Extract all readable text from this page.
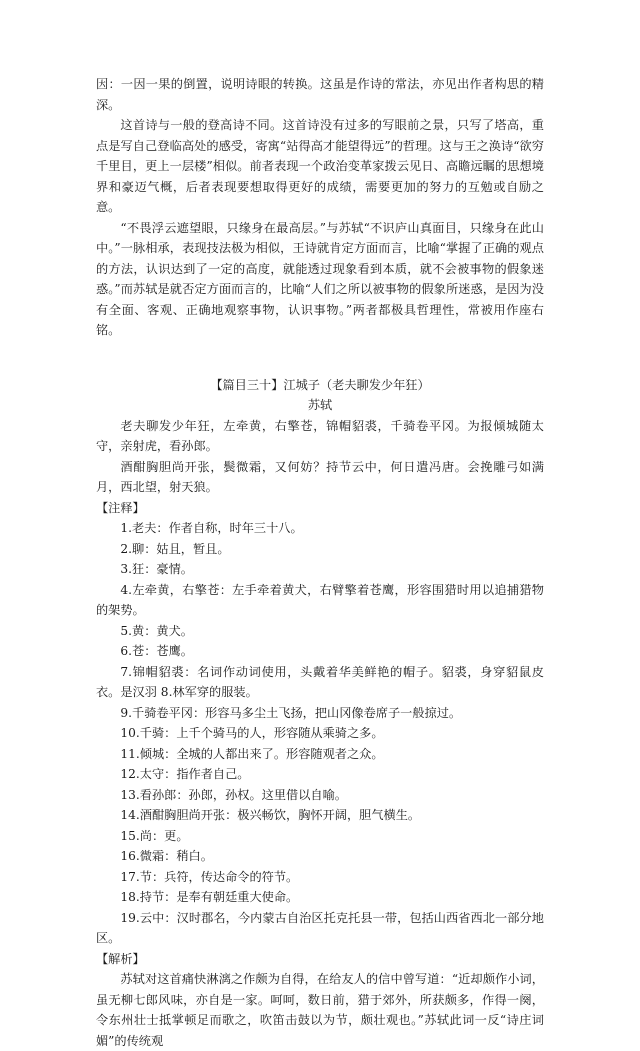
因：一因一果的倒置，说明诗眼的转换。这虽是作诗的常法，亦见出作者构思的精深。

这首诗与一般的登高诗不同。这首诗没有过多的写眼前之景，只写了塔高，重点是写自己登临高处的感受，寄寓“站得高才能望得远”的哲理。这与王之涣诗“欲穷千里目，更上一层楼”相似。前者表现一个政治变革家拨云见日、高瞻远瞩的思想境界和豪迈气概，后者表现要想取得更好的成绩，需要更加的努力的互勉或自励之意。

“不畏浮云遮望眼，只缘身在最高层。”与苏轼“不识庐山真面目，只缘身在此山中。”一脉相承，表现技法极为相似，王诗就肯定方面而言，比喻“掌握了正确的观点的方法，认识达到了一定的高度，就能透过现象看到本质，就不会被事物的假象迷惑。”而苏轼是就否定方面而言的，比喻“人们之所以被事物的假象所迷惑，是因为没有全面、客观、正确地观察事物，认识事物。”两者都极具哲理性，常被用作座右铭。

【篇目三十】江城子（老夫聊发少年狂）

苏轼

老夫聊发少年狂，左牵黄，右擎苍，锦帽貂裘，千骑卷平冈。为报倾城随太守，亲射虎，看孙郎。

酒酣胸胆尚开张，鬓微霜，又何妨？持节云中，何日遣冯唐。会挽雕弓如满月，西北望，射天狼。

【注释】

1.老夫：作者自称，时年三十八。

2.聊：姑且，暂且。

3.狂：豪情。

4.左牵黄，右擎苍：左手牵着黄犬，右臂擎着苍鹰，形容围猎时用以追捕猎物的架势。

5.黄：黄犬。

6.苍：苍鹰。

7.锦帽貂裘：名词作动词使用，头戴着华美鲜艳的帽子。貂裘，身穿貂鼠皮衣。是汉羽 8.林军穿的服装。

9.千骑卷平冈：形容马多尘土飞扬，把山冈像卷席子一般掠过。

10.千骑：上千个骑马的人，形容随从乘骑之多。

11.倾城：全城的人都出来了。形容随观者之众。

12.太守：指作者自己。

13.看孙郎：孙郎，孙权。这里借以自喻。

14.酒酣胸胆尚开张：极兴畅饮，胸怀开阔，胆气横生。

15.尚：更。

16.微霜：稍白。

17.节：兵符，传达命令的符节。

18.持节：是奉有朝廷重大使命。

19.云中：汉时郡名，今内蒙古自治区托克托县一带，包括山西省西北一部分地区。

【解析】

苏轼对这首痛快淋漓之作颇为自得，在给友人的信中曾写道：“近却颇作小词，虽无柳七郎风味，亦自是一家。呵呵，数日前，猎于郊外，所获颇多，作得一阕，令东州壮士抵掌顿足而歌之，吹笛击鼓以为节，颇壮观也。”苏轼此词一反“诗庄词媚”的传统观
